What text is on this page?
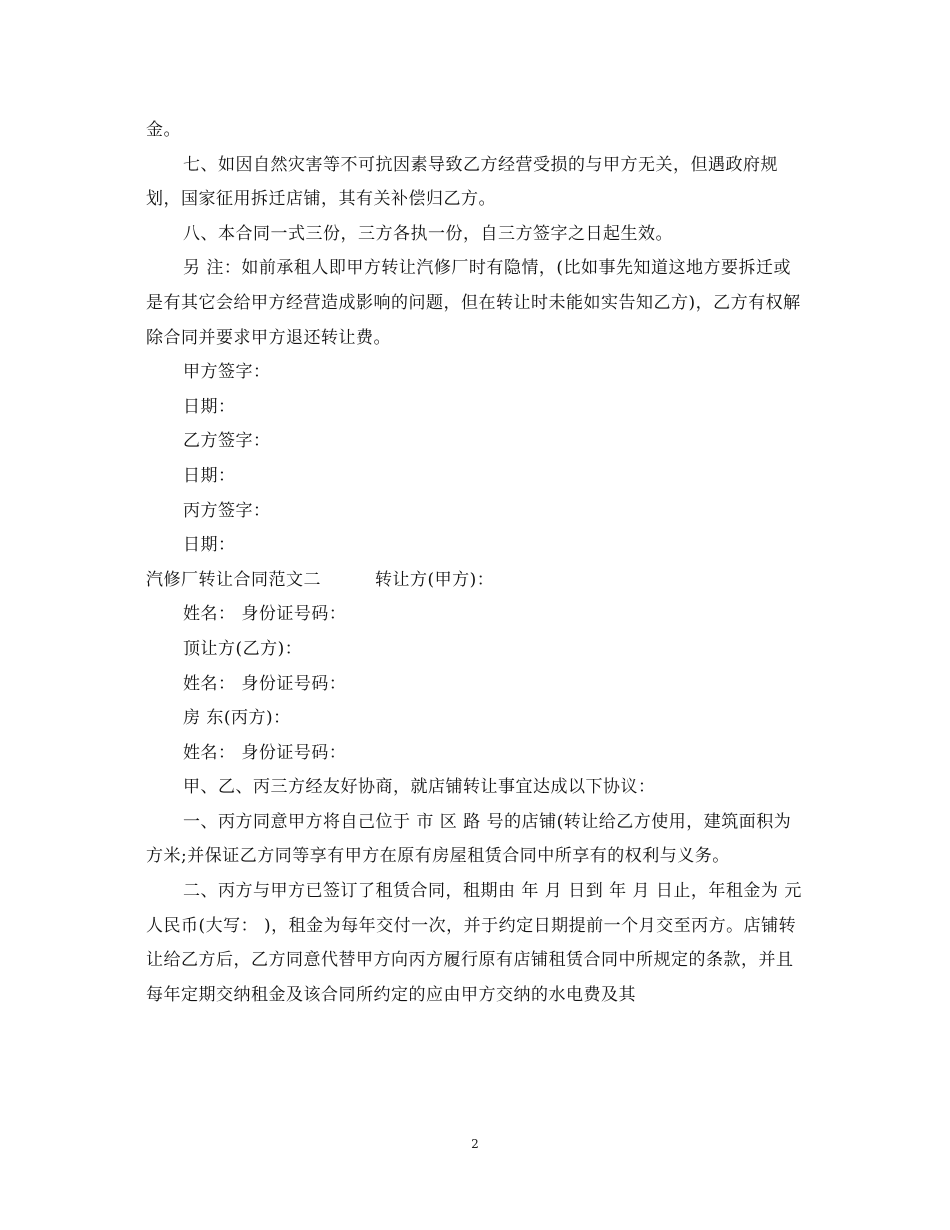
金。

七、如因自然灾害等不可抗因素导致乙方经营受损的与甲方无关，但遇政府规划，国家征用拆迁店铺，其有关补偿归乙方。

八、本合同一式三份，三方各执一份，自三方签字之日起生效。

另 注：如前承租人即甲方转让汽修厂时有隐情，(比如事先知道这地方要拆迁或是有其它会给甲方经营造成影响的问题，但在转让时未能如实告知乙方)，乙方有权解除合同并要求甲方退还转让费。

甲方签字：

日期：

乙方签字：

日期：

丙方签字：

日期：

汽修厂转让合同范文二	转让方(甲方)：

姓名： 身份证号码：

顶让方(乙方)：

姓名： 身份证号码：

房 东(丙方)：

姓名： 身份证号码：

甲、乙、丙三方经友好协商，就店铺转让事宜达成以下协议：

一、丙方同意甲方将自己位于 市 区 路 号的店铺(转让给乙方使用，建筑面积为方米;并保证乙方同等享有甲方在原有房屋租赁合同中所享有的权利与义务。

二、丙方与甲方已签订了租赁合同，租期由 年 月 日到 年 月 日止，年租金为 元人民币(大写： )，租金为每年交付一次，并于约定日期提前一个月交至丙方。店铺转让给乙方后，乙方同意代替甲方向丙方履行原有店铺租赁合同中所规定的条款，并且每年定期交纳租金及该合同所约定的应由甲方交纳的水电费及其

2
